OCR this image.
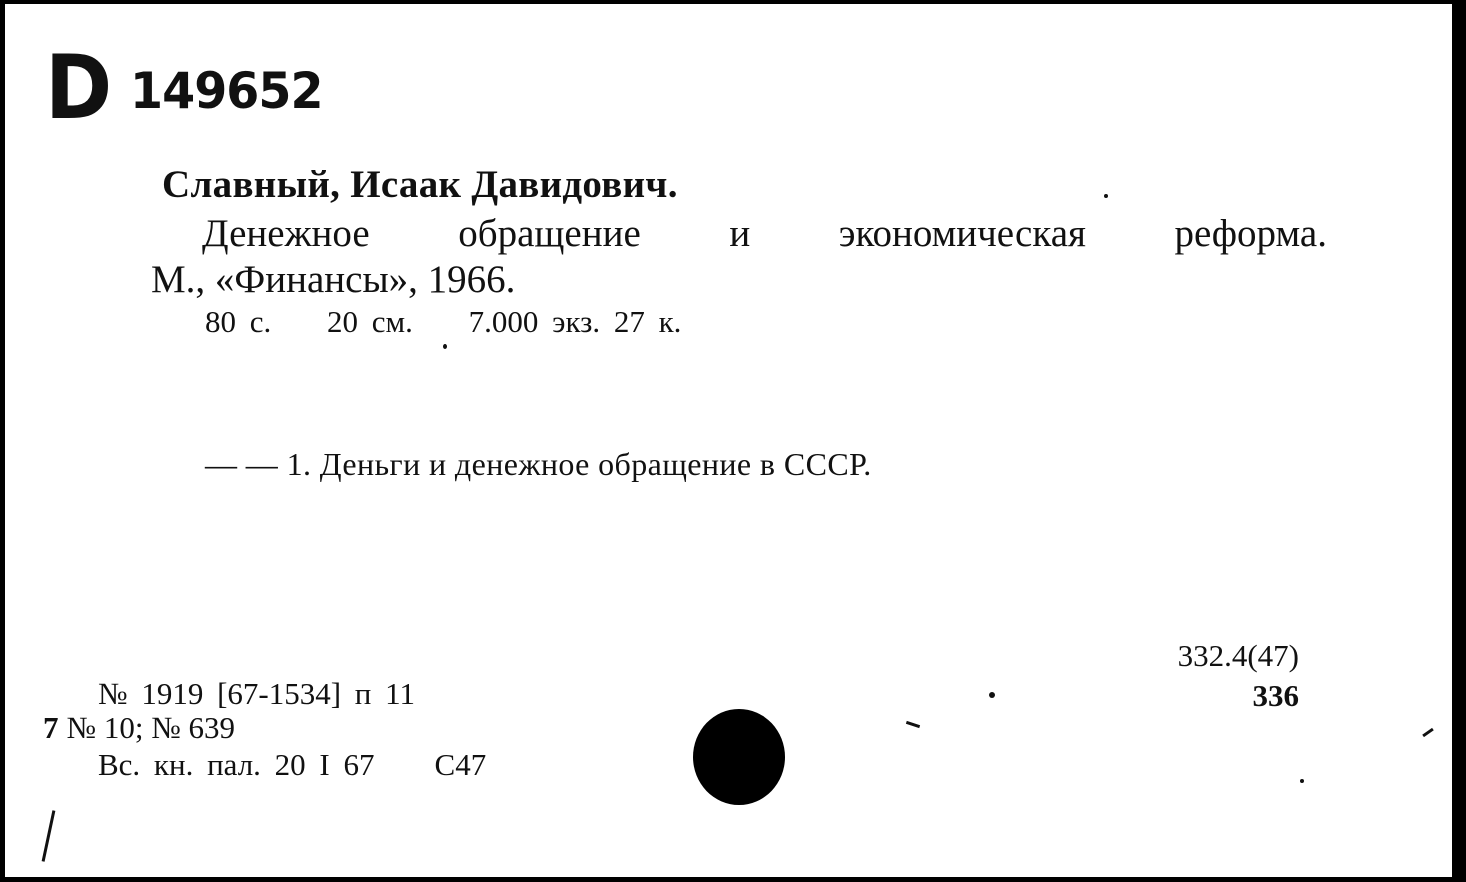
D 149652
Славный, Исаак Давидович.
Денежное обращение и экономическая реформа.
М., «Финансы», 1966.
80 с. 20 см. 7.000 экз. 27 к.
— — 1. Деньги и денежное обращение в СССР.
332.4(47)
336
№ 1919 [67-1534] п 11
7 № 10; № 639
Вс. кн. пал. 20 I 67 С47
